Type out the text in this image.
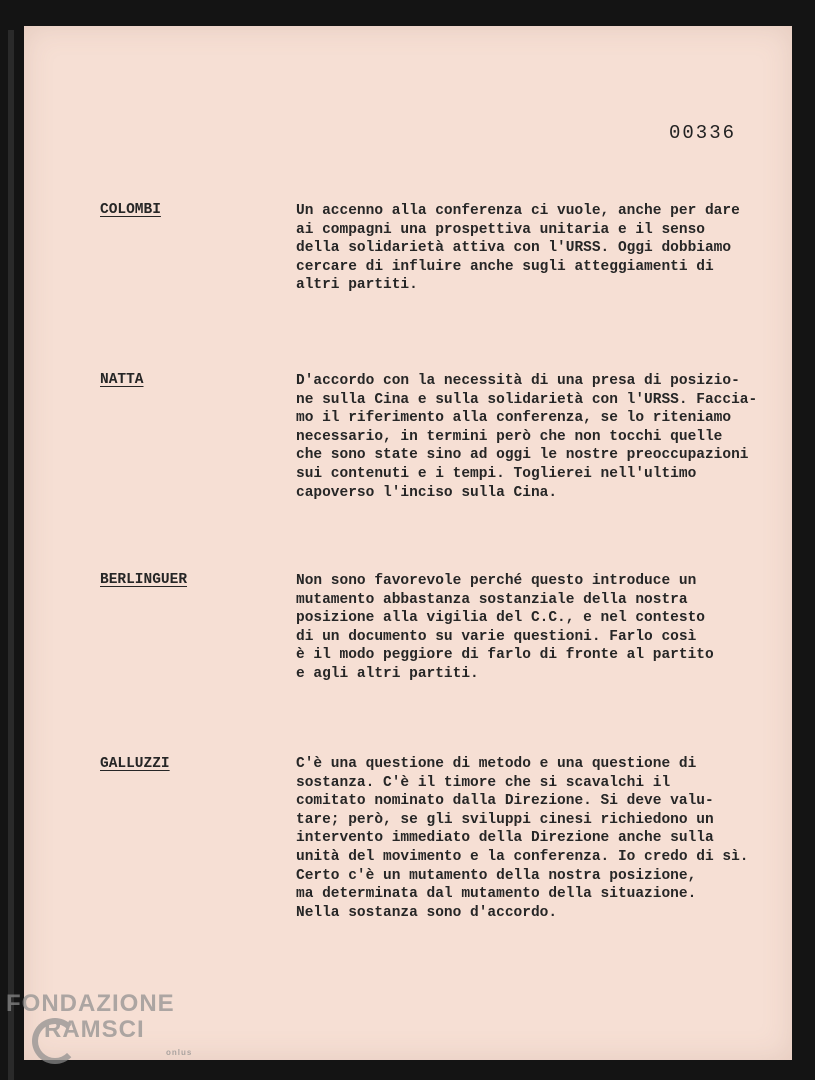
00336
COLOMBI	Un accenno alla conferenza ci vuole, anche per dare
ai compagni una prospettiva unitaria e il senso
della solidarietà attiva con l'URSS. Oggi dobbiamo
cercare di influire anche sugli atteggiamenti di
altri partiti.
NATTA	D'accordo con la necessità di una presa di posizio-
ne sulla Cina e sulla solidarietà con l'URSS. Faccia-
mo il riferimento alla conferenza, se lo riteniamo
necessario, in termini però che non tocchi quelle
che sono state sino ad oggi le nostre preoccupazioni
sui contenuti e i tempi. Toglierei nell'ultimo
capoverso l'inciso sulla Cina.
BERLINGUER	Non sono favorevole perché questo introduce un
mutamento abbastanza sostanziale della nostra
posizione alla vigilia del C.C., e nel contesto
di un documento su varie questioni. Farlo così
è il modo peggiore di farlo di fronte al partito
e agli altri partiti.
GALLUZZI	C'è una questione di metodo e una questione di
sostanza. C'è il timore che si scavalchi il
comitato nominato dalla Direzione. Si deve valu-
tare; però, se gli sviluppi cinesi richiedono un
intervento immediato della Direzione anche sulla
unità del movimento e la conferenza. Io credo di sì.
Certo c'è un mutamento della nostra posizione,
ma determinata dal mutamento della situazione.
Nella sostanza sono d'accordo.
FONDAZIONE
RAMSCI
onlus
